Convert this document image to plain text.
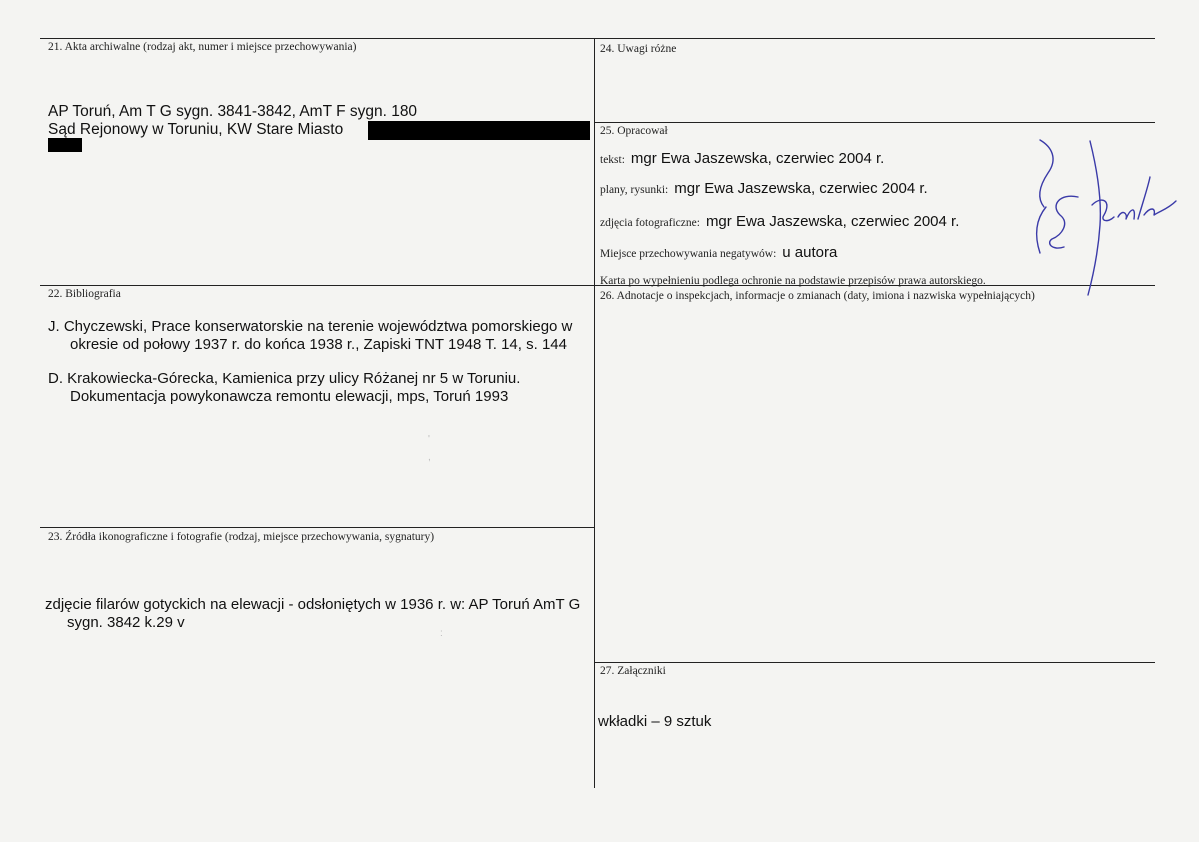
21. Akta archiwalne (rodzaj akt, numer i miejsce przechowywania)
AP Toruń, Am T G sygn. 3841-3842, AmT F sygn. 180
Sąd Rejonowy w Toruniu, KW Stare Miasto
22. Bibliografia
J. Chyczewski, Prace konserwatorskie na terenie województwa pomorskiego w okresie od połowy 1937 r. do końca 1938 r., Zapiski TNT 1948 T. 14, s. 144
D. Krakowiecka-Górecka, Kamienica przy ulicy Różanej nr 5 w Toruniu. Dokumentacja powykonawcza remontu elewacji, mps, Toruń 1993
23. Źródła ikonograficzne i fotografie (rodzaj, miejsce przechowywania, sygnatury)
zdjęcie filarów gotyckich na elewacji - odsłoniętych w 1936 r. w: AP Toruń AmT G sygn. 3842 k.29 v
24. Uwagi różne
25. Opracował
tekst: mgr Ewa Jaszewska, czerwiec 2004 r.
plany, rysunki: mgr Ewa Jaszewska, czerwiec 2004 r.
zdjęcia fotograficzne: mgr Ewa Jaszewska, czerwiec 2004 r.
Miejsce przechowywania negatywów: u autora
Karta po wypełnieniu podlega ochronie na podstawie przepisów prawa autorskiego.
26. Adnotacje o inspekcjach, informacje o zmianach (daty, imiona i nazwiska wypełniających)
27. Załączniki
wkładki – 9 sztuk
'
,
:
